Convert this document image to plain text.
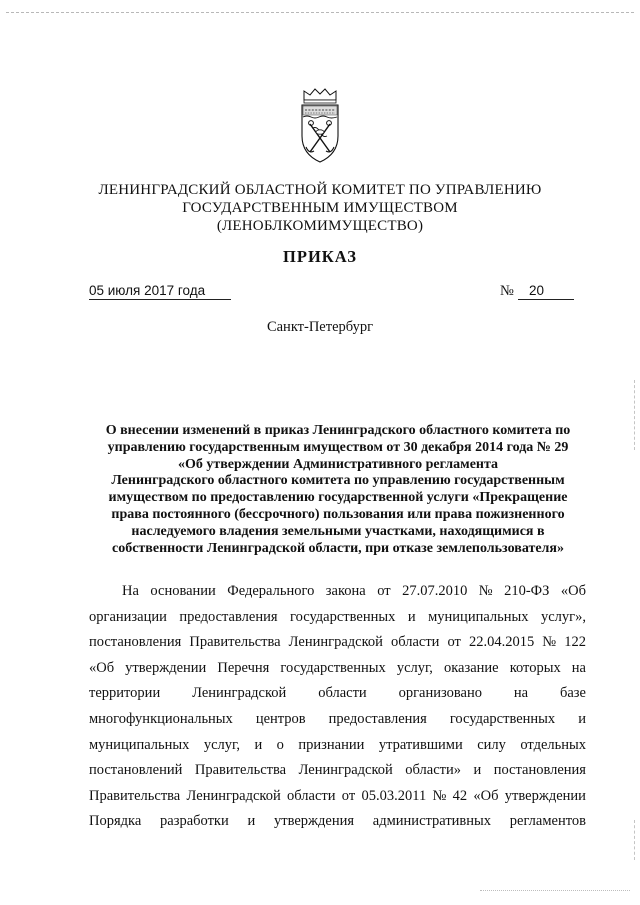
ЛЕНИНГРАДСКИЙ ОБЛАСТНОЙ КОМИТЕТ ПО УПРАВЛЕНИЮ
ГОСУДАРСТВЕННЫМ ИМУЩЕСТВОМ
(ЛЕНОБЛКОМИМУЩЕСТВО)
ПРИКАЗ
05 июля 2017 года	№	20
Санкт-Петербург
О внесении изменений в приказ Ленинградского областного комитета по
управлению государственным имуществом от 30 декабря 2014 года № 29
«Об утверждении Административного регламента
Ленинградского областного комитета по управлению государственным
имуществом по предоставлению государственной услуги «Прекращение
права постоянного (бессрочного) пользования или права пожизненного
наследуемого владения земельными участками, находящимися в
собственности Ленинградской области, при отказе землепользователя»
На основании Федерального закона от 27.07.2010 № 210-ФЗ «Об
организации предоставления государственных и муниципальных услуг»,
постановления Правительства Ленинградской области от 22.04.2015 № 122
«Об утверждении Перечня государственных услуг, оказание которых на
территории Ленинградской области организовано на базе
многофункциональных центров предоставления государственных и
муниципальных услуг, и о признании утратившими силу отдельных
постановлений Правительства Ленинградской области» и постановления
Правительства Ленинградской области от 05.03.2011 № 42 «Об утверждении
Порядка разработки и утверждения административных регламентов
